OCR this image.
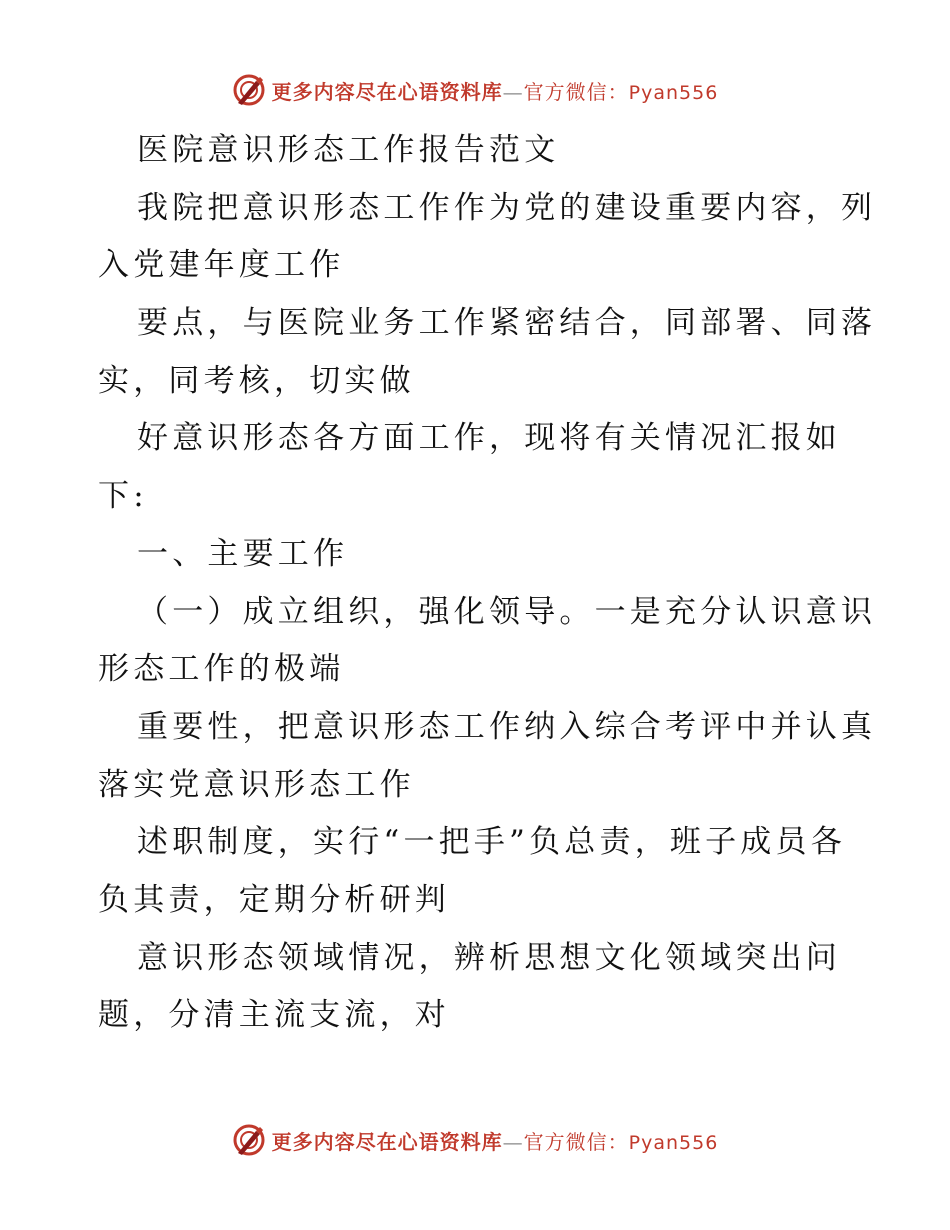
更多内容尽在心语资料库—官方微信：Pyan556
医院意识形态工作报告范文
我院把意识形态工作作为党的建设重要内容，列
入党建年度工作
要点，与医院业务工作紧密结合，同部署、同落
实，同考核，切实做
好意识形态各方面工作，现将有关情况汇报如
下:
一、主要工作
（一）成立组织，强化领导。一是充分认识意识
形态工作的极端
重要性，把意识形态工作纳入综合考评中并认真
落实党意识形态工作
述职制度，实行“一把手”负总责，班子成员各
负其责，定期分析研判
意识形态领域情况，辨析思想文化领域突出问
题，分清主流支流，对
更多内容尽在心语资料库—官方微信：Pyan556
